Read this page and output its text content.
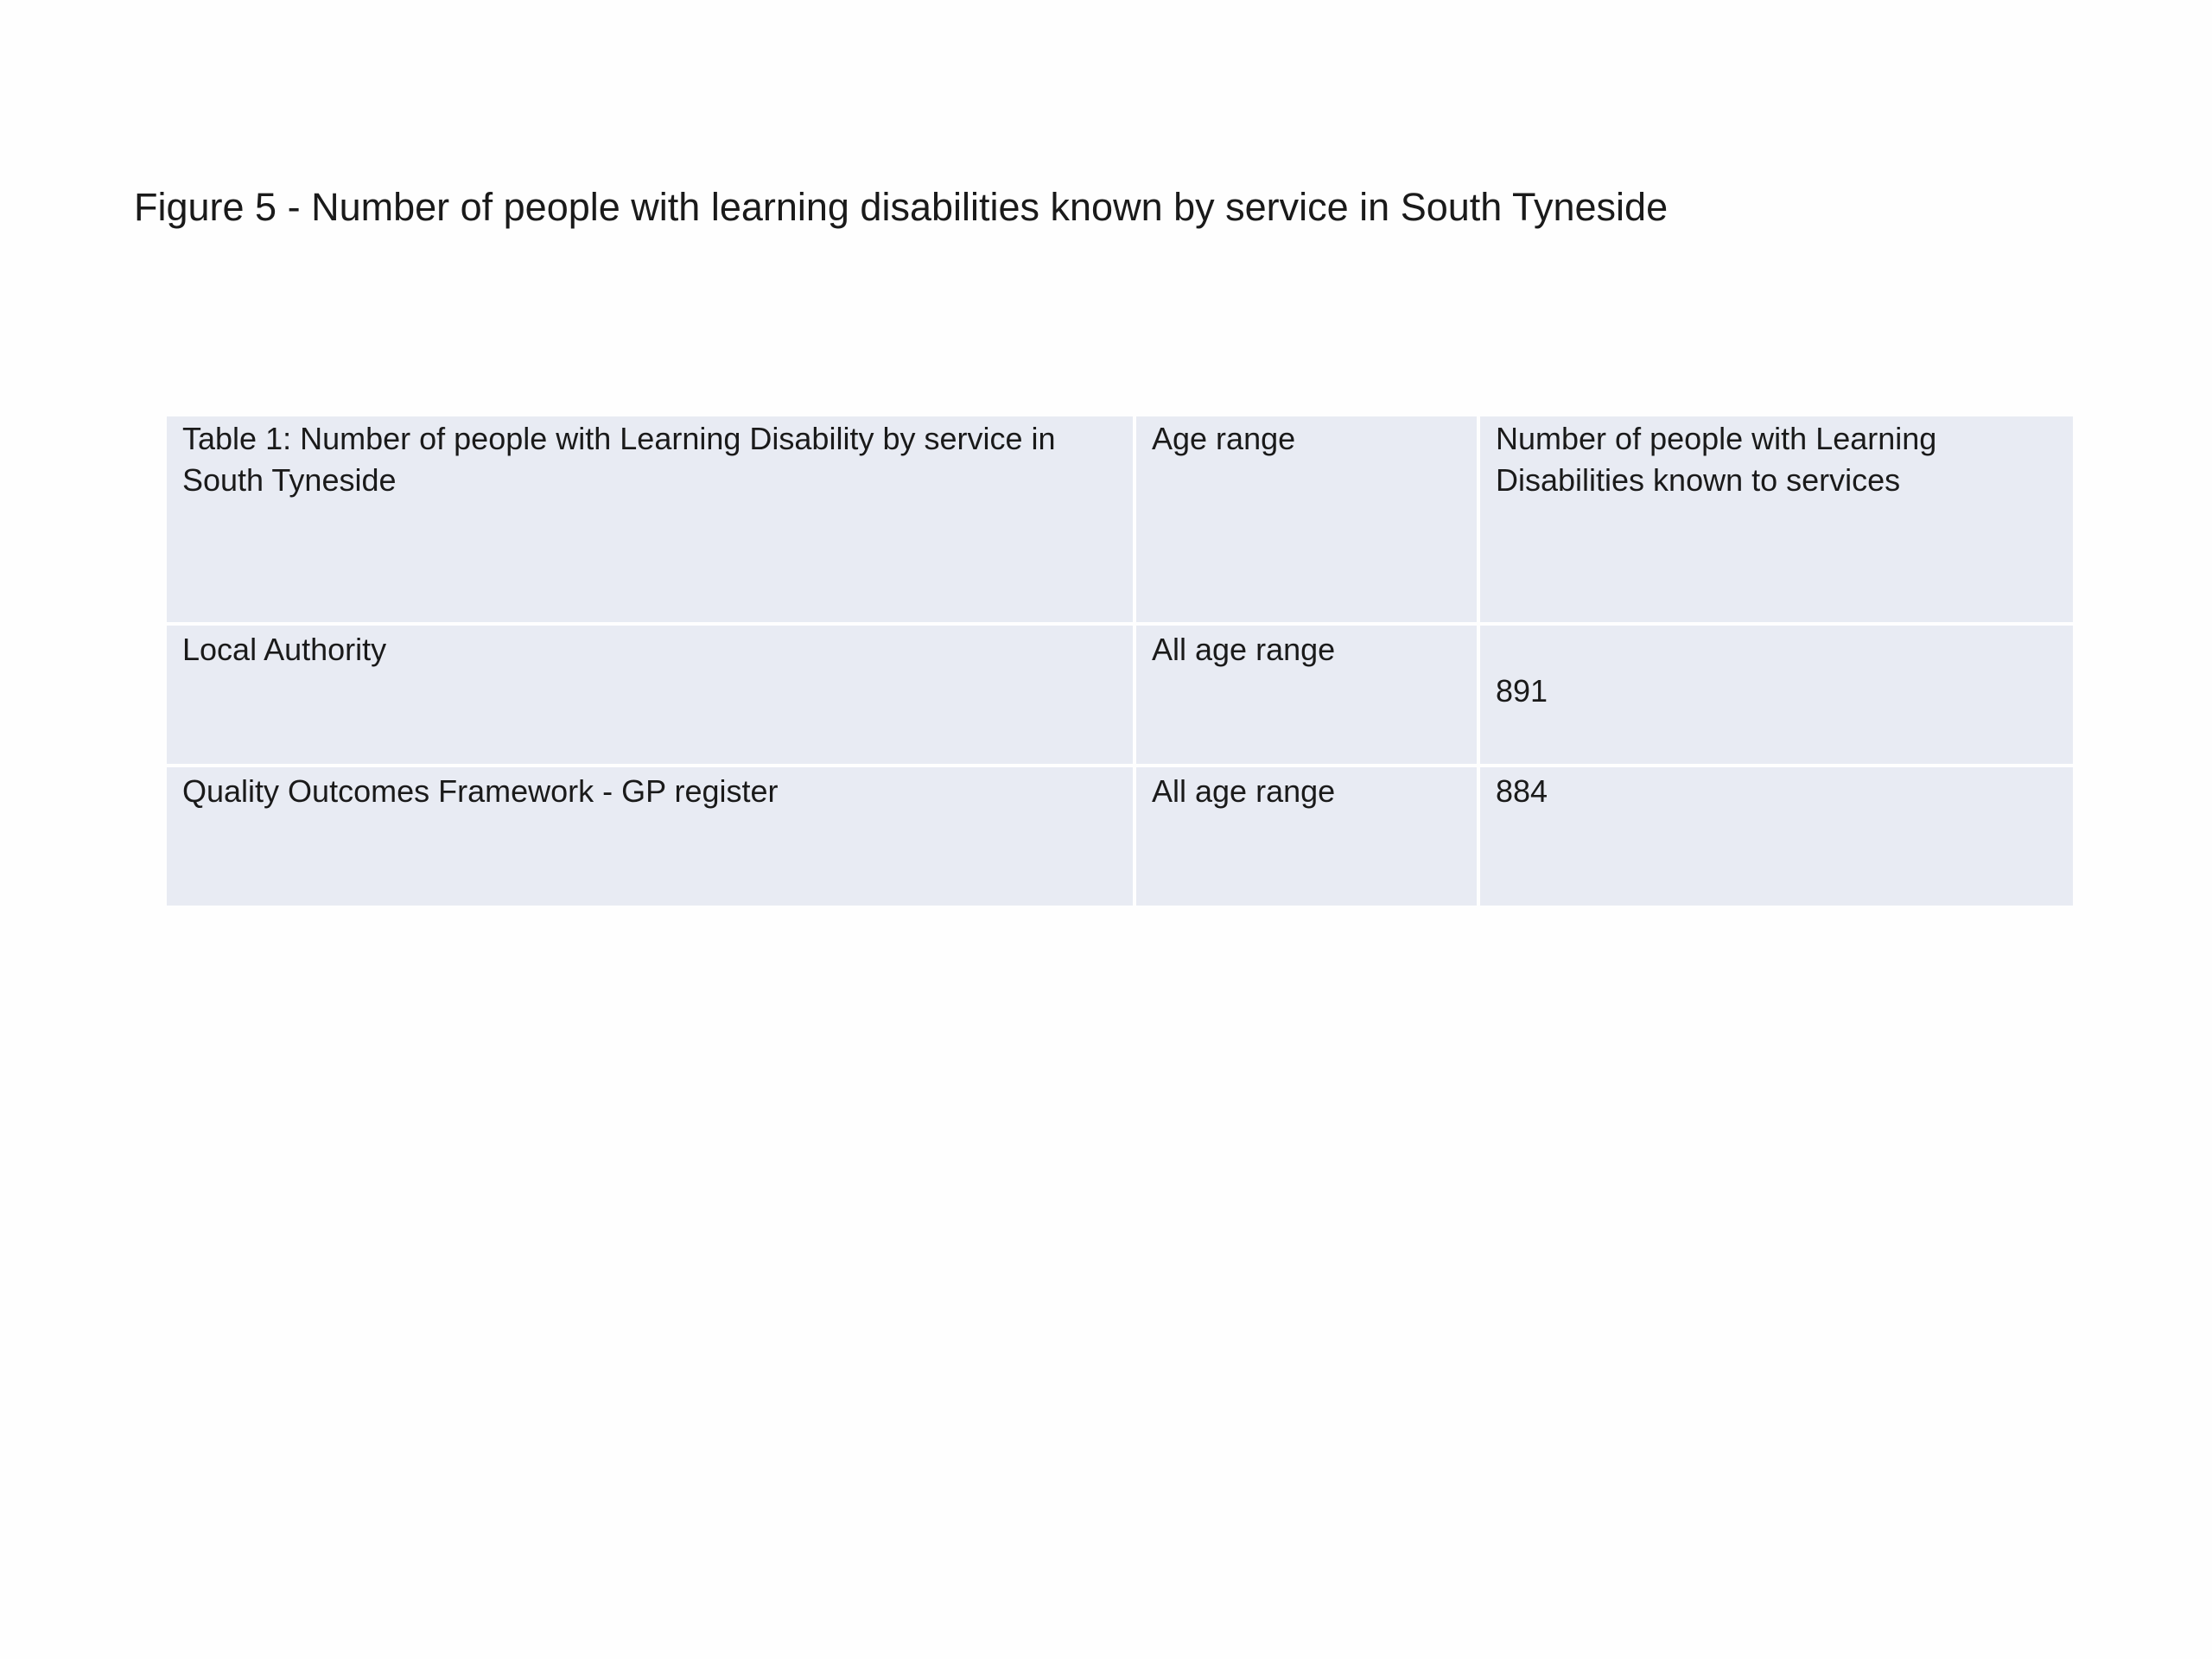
Figure 5 - Number of people with learning disabilities known by service in South Tyneside
Table 1: Number of people with Learning Disability by service in South Tyneside	Age range	Number of people with Learning Disabilities known to services

Local Authority	All age range	891

Quality Outcomes Framework - GP register	All age range	884
